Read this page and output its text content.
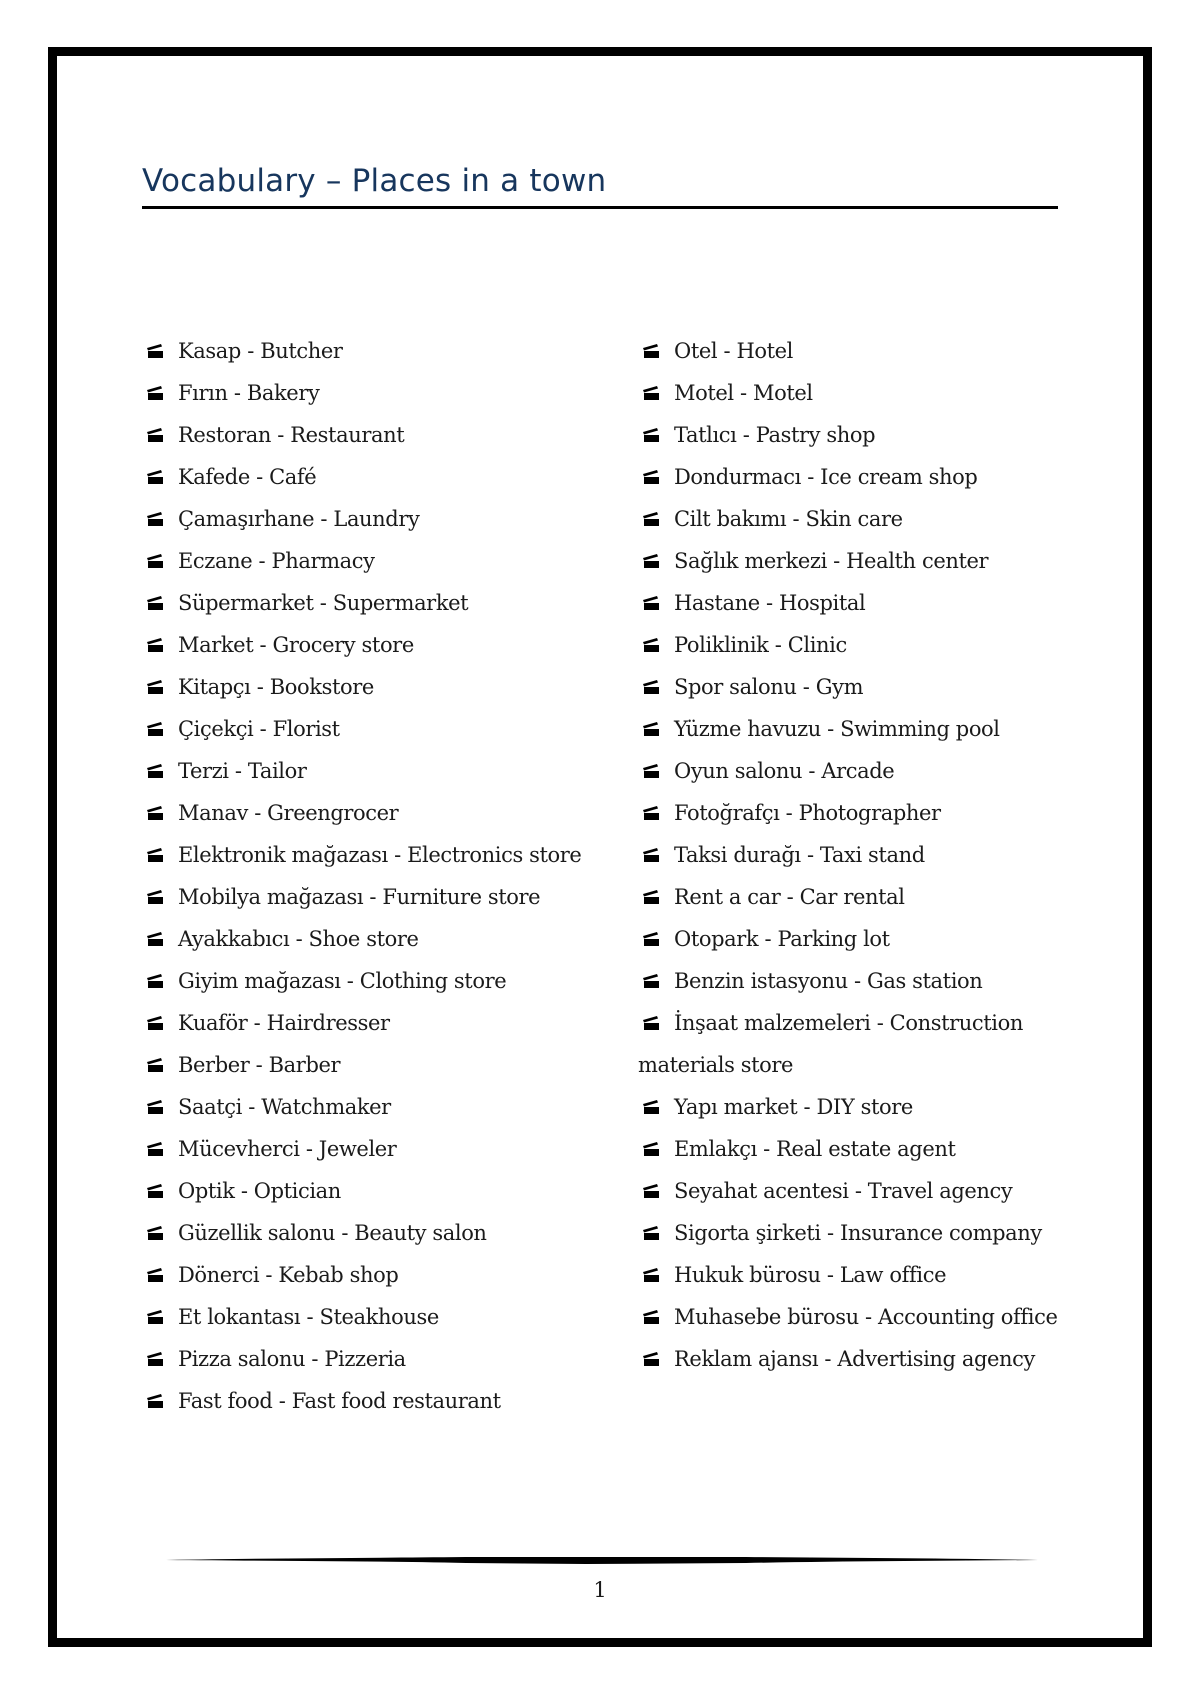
Vocabulary – Places in a town
Kasap - Butcher
Fırın - Bakery
Restoran - Restaurant
Kafede - Café
Çamaşırhane - Laundry
Eczane - Pharmacy
Süpermarket - Supermarket
Market - Grocery store
Kitapçı - Bookstore
Çiçekçi - Florist
Terzi - Tailor
Manav - Greengrocer
Elektronik mağazası - Electronics store
Mobilya mağazası - Furniture store
Ayakkabıcı - Shoe store
Giyim mağazası - Clothing store
Kuaför - Hairdresser
Berber - Barber
Saatçi - Watchmaker
Mücevherci - Jeweler
Optik - Optician
Güzellik salonu - Beauty salon
Dönerci - Kebab shop
Et lokantası - Steakhouse
Pizza salonu - Pizzeria
Fast food - Fast food restaurant
Otel - Hotel
Motel - Motel
Tatlıcı - Pastry shop
Dondurmacı - Ice cream shop
Cilt bakımı - Skin care
Sağlık merkezi - Health center
Hastane - Hospital
Poliklinik - Clinic
Spor salonu - Gym
Yüzme havuzu - Swimming pool
Oyun salonu - Arcade
Fotoğrafçı - Photographer
Taksi durağı - Taxi stand
Rent a car - Car rental
Otopark - Parking lot
Benzin istasyonu - Gas station
İnşaat malzemeleri - Construction
materials store
Yapı market - DIY store
Emlakçı - Real estate agent
Seyahat acentesi - Travel agency
Sigorta şirketi - Insurance company
Hukuk bürosu - Law office
Muhasebe bürosu - Accounting office
Reklam ajansı - Advertising agency
1
